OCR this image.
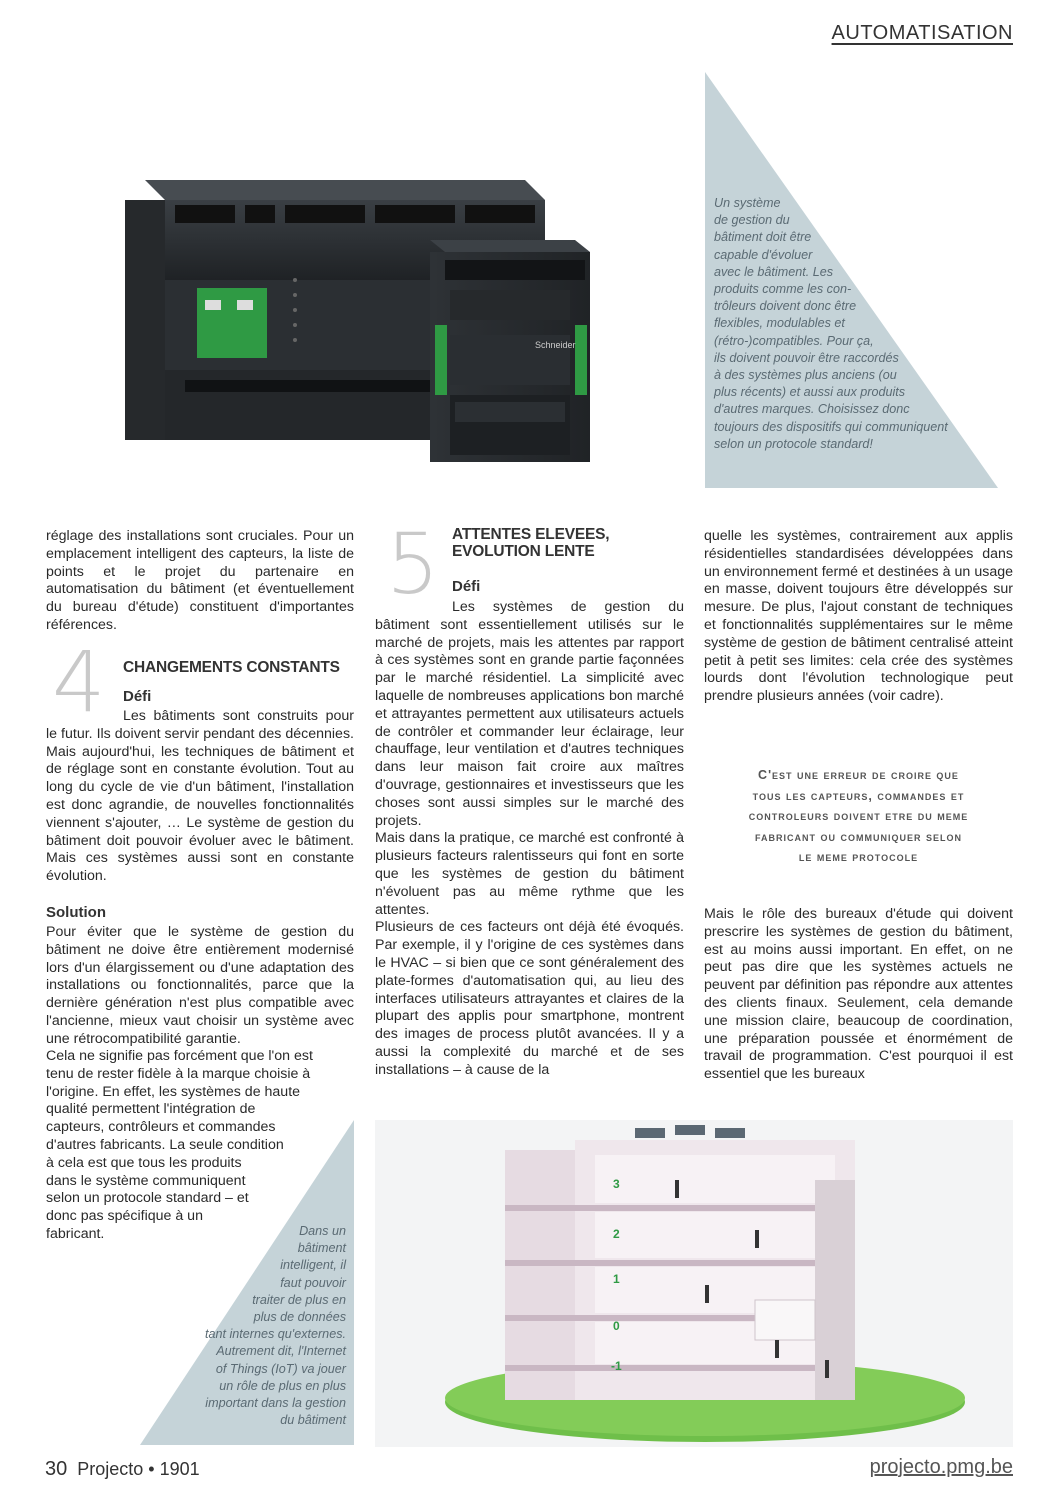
AUTOMATISATION
Schneider
Un système
de gestion du
bâtiment doit être
capable d'évoluer
avec le bâtiment. Les
produits comme les con-
trôleurs doivent donc être
flexibles, modulables et
(rétro-)compatibles. Pour ça,
ils doivent pouvoir être raccordés
à des systèmes plus anciens (ou
plus récents) et aussi aux produits
d'autres marques. Choisissez donc
toujours des dispositifs qui communiquent
selon un protocole standard!

réglage des installations sont cruciales. Pour un emplacement intelligent des capteurs, la liste de points et le projet du partenaire en automatisation du bâtiment (et éventuellement du bureau d'étude) constituent d'importantes références.

4 CHANGEMENTS CONSTANTS
Défi

Les bâtiments sont construits pour le futur. Ils doivent servir pendant des décennies. Mais aujourd'hui, les techniques de bâtiment et de réglage sont en constante évolution. Tout au long du cycle de vie d'un bâtiment, l'installation est donc agrandie, de nouvelles fonctionnalités viennent s'ajouter, … Le système de gestion du bâtiment doit pouvoir évoluer avec le bâtiment. Mais ces systèmes aussi sont en constante évolution.

Solution

Pour éviter que le système de gestion du bâtiment ne doive être entièrement modernisé lors d'un élargissement ou d'une adaptation des installations ou fonctionnalités, parce que la dernière génération n'est plus compatible avec l'ancienne, mieux vaut choisir un système avec une rétrocompatibilité garantie.

Cela ne signifie pas forcément que l'on est
tenu de rester fidèle à la marque choisie à
l'origine. En effet, les systèmes de haute
qualité permettent l'intégration de
capteurs, contrôleurs et commandes
d'autres fabricants. La seule condition
à cela est que tous les produits
dans le système communiquent
selon un protocole standard – et
donc pas spécifique à un
fabricant.	Dans un
bâtiment
intelligent, il
faut pouvoir
traiter de plus en
plus de données
tant internes qu'externes.
Autrement dit, l'Internet
of Things (IoT) va jouer
un rôle de plus en plus
important dans la gestion
du bâtiment
5 ATTENTES ELEVEES,
EVOLUTION LENTE
Défi

Les systèmes de gestion du bâtiment sont essentiellement utilisés sur le marché de projets, mais les attentes par rapport à ces systèmes sont en grande partie façonnées par le marché résidentiel. La simplicité avec laquelle de nombreuses applications bon marché et attrayantes permettent aux utilisateurs actuels de contrôler et commander leur éclairage, leur chauffage, leur ventilation et d'autres techniques dans leur maison fait croire aux maîtres d'ouvrage, gestionnaires et investisseurs que les choses sont aussi simples sur le marché des projets.

Mais dans la pratique, ce marché est confronté à plusieurs facteurs ralentisseurs qui font en sorte que les systèmes de gestion du bâtiment n'évoluent pas au même rythme que les attentes.

Plusieurs de ces facteurs ont déjà été évoqués. Par exemple, il y l'origine de ces systèmes dans le HVAC – si bien que ce sont généralement des plate-formes d'automatisation qui, au lieu des interfaces utilisateurs attrayantes et claires de la plupart des applis pour smartphone, montrent des images de process plutôt avancées. Il y a aussi la complexité du marché et de ses installations – à cause de la

quelle les systèmes, contrairement aux applis résidentielles standardisées développées dans un environnement fermé et destinées à un usage en masse, doivent toujours être développés sur mesure. De plus, l'ajout constant de techniques et fonctionnalités supplémentaires sur le même système de gestion de bâtiment centralisé atteint petit à petit ses limites: cela crée des systèmes lourds dont l'évolution technologique peut prendre plusieurs années (voir cadre).

C'est une erreur de croire que
tous les capteurs, commandes et
controleurs doivent etre du meme
fabricant ou communiquer selon
le meme protocole

Mais le rôle des bureaux d'étude qui doivent prescrire les systèmes de gestion du bâtiment, est au moins aussi important. En effet, on ne peut pas dire que les systèmes actuels ne peuvent par définition pas répondre aux attentes des clients finaux. Seulement, cela demande une mission claire, beaucoup de coordination, une préparation poussée et énormément de travail de programmation. C'est pourquoi il est essentiel que les bureaux

3
2
1
0
-1
30 Projecto • 1901	projecto.pmg.be
